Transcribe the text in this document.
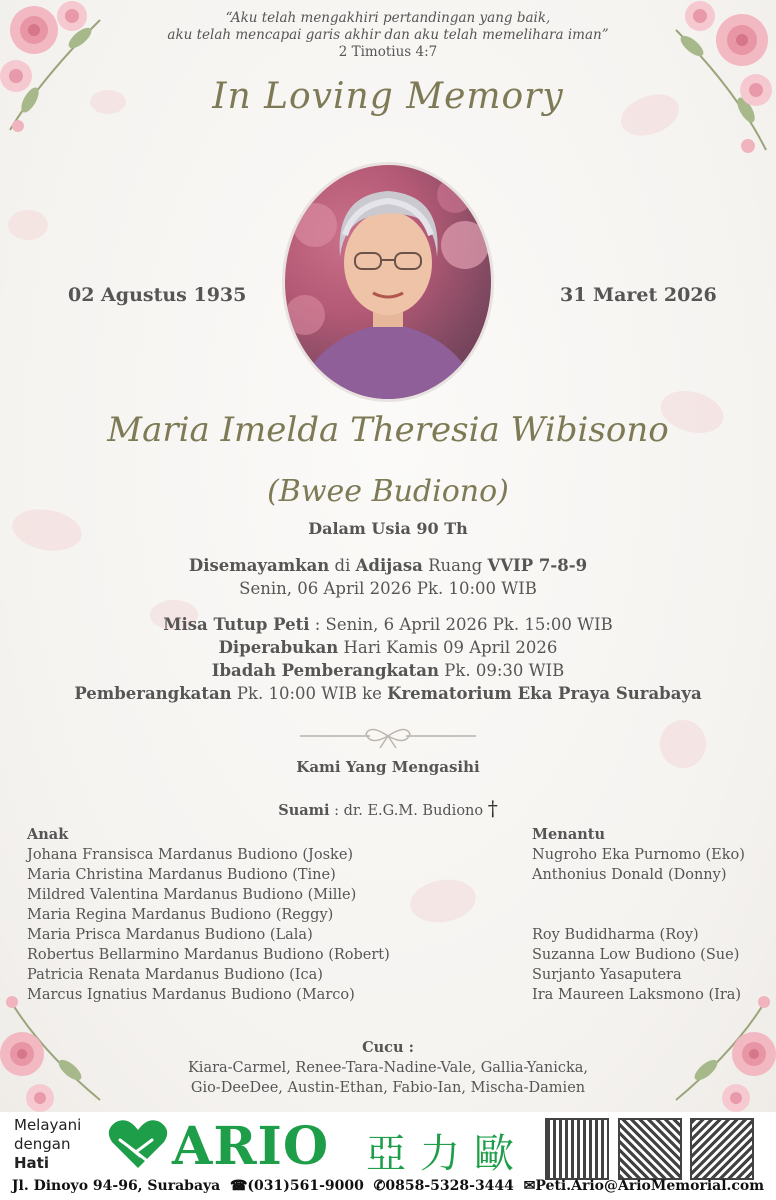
“Aku telah mengakhiri pertandingan yang baik,
aku telah mencapai garis akhir dan aku telah memelihara iman”
2 Timotius 4:7
In Loving Memory
02 Agustus 1935	31 Maret 2026
Maria Imelda Theresia Wibisono
(Bwee Budiono)
Dalam Usia 90 Th
Disemayamkan di Adijasa Ruang VVIP 7-8-9
Senin, 06 April 2026 Pk. 10:00 WIB
Misa Tutup Peti : Senin, 6 April 2026 Pk. 15:00 WIB
Diperabukan Hari Kamis 09 April 2026
Ibadah Pemberangkatan Pk. 09:30 WIB
Pemberangkatan Pk. 10:00 WIB ke Krematorium Eka Praya Surabaya
Kami Yang Mengasihi
Suami : dr. E.G.M. Budiono †
Anak
Johana Fransisca Mardanus Budiono (Joske)
Maria Christina Mardanus Budiono (Tine)
Mildred Valentina Mardanus Budiono (Mille)
Maria Regina Mardanus Budiono (Reggy)
Maria Prisca Mardanus Budiono (Lala)
Robertus Bellarmino Mardanus Budiono (Robert)
Patricia Renata Mardanus Budiono (Ica)
Marcus Ignatius Mardanus Budiono (Marco)
Menantu
Nugroho Eka Purnomo (Eko)
Anthonius Donald (Donny)
Roy Budidharma (Roy)
Suzanna Low Budiono (Sue)
Surjanto Yasaputera
Ira Maureen Laksmono (Ira)
Cucu :
Kiara-Carmel, Renee-Tara-Nadine-Vale, Gallia-Yanicka,
Gio-DeeDee, Austin-Ethan, Fabio-Ian, Mischa-Damien
Melayani
dengan
Hati	ARIO 亞力歐
Jl. Dinoyo 94-96, Surabaya  ☎(031)561-9000  ✆0858-5328-3444  ✉Peti.Ario@ArioMemorial.com
